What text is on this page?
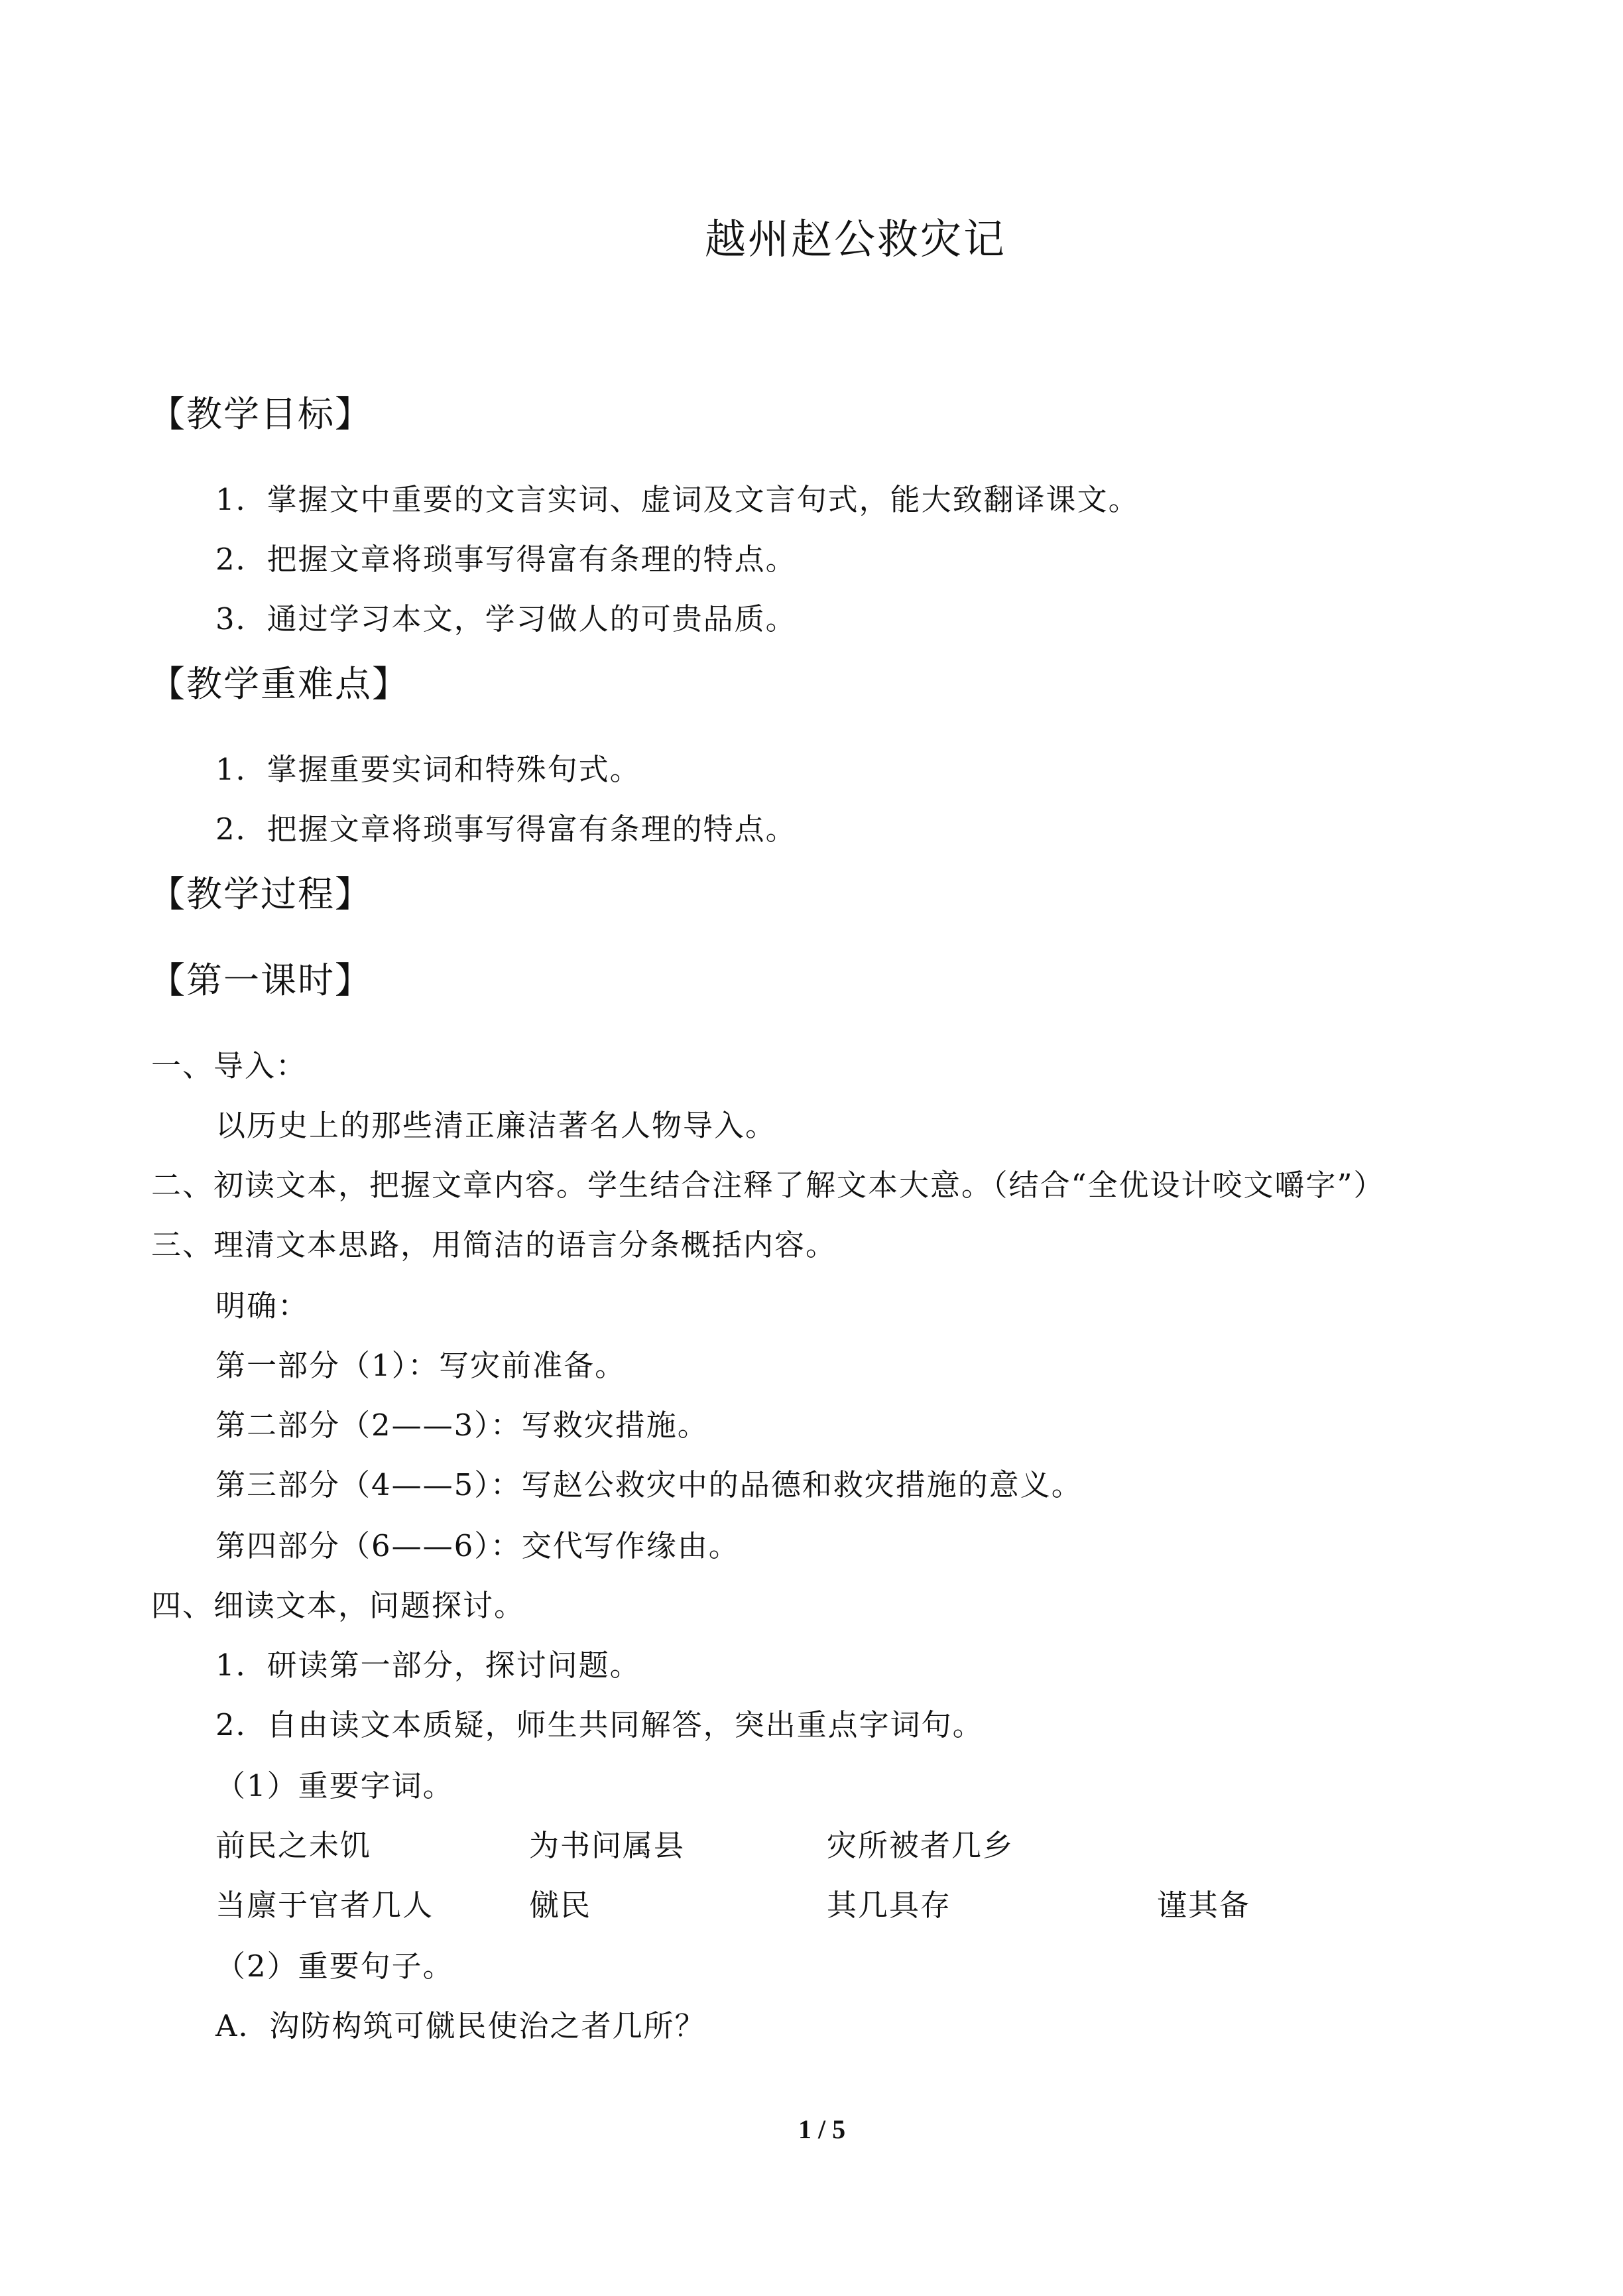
越州赵公救灾记
【教学目标】
1．掌握文中重要的文言实词、虚词及文言句式，能大致翻译课文。
2．把握文章将琐事写得富有条理的特点。
3．通过学习本文，学习做人的可贵品质。
【教学重难点】
1．掌握重要实词和特殊句式。
2．把握文章将琐事写得富有条理的特点。
【教学过程】
【第一课时】
一、导入：
以历史上的那些清正廉洁著名人物导入。
二、初读文本，把握文章内容。学生结合注释了解文本大意。（结合“全优设计咬文嚼字”）
三、理清文本思路，用简洁的语言分条概括内容。
明确：
第一部分（1）：写灾前准备。
第二部分（2——3）：写救灾措施。
第三部分（4——5）：写赵公救灾中的品德和救灾措施的意义。
第四部分（6——6）：交代写作缘由。
四、细读文本，问题探讨。
1．研读第一部分，探讨问题。
2．自由读文本质疑，师生共同解答，突出重点字词句。
（1）重要字词。
前民之未饥	为书问属县	灾所被者几乡
当廪于官者几人	僦民	其几具存	谨其备
（2）重要句子。
A．沟防构筑可僦民使治之者几所？
1 / 5
